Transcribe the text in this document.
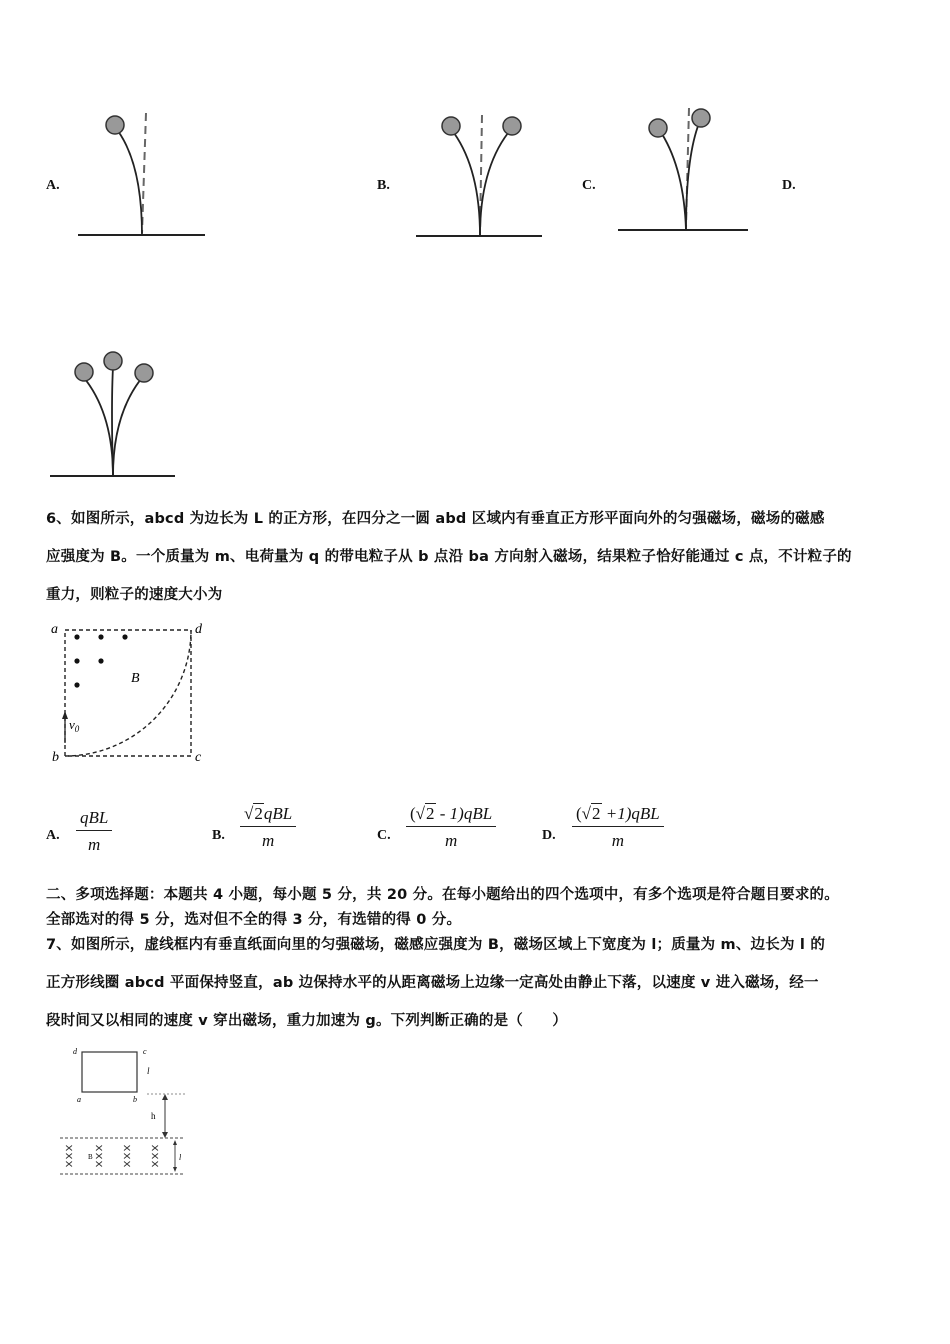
A.	B.	C.	D.
6、如图所示，abcd 为边长为 L 的正方形，在四分之一圆 abd 区域内有垂直正方形平面向外的匀强磁场，磁场的磁感
应强度为 B。一个质量为 m、电荷量为 q 的带电粒子从 b 点沿 ba 方向射入磁场，结果粒子恰好能通过 c 点，不计粒子的
重力，则粒子的速度大小为
a	d
b	c
B
$v_0$
A.
qBL
m	B.
√2qBL
m	C.
(√2 - 1)qBL
m	D.
(√2 +1)qBL
m
二、多项选择题：本题共 4 小题，每小题 5 分，共 20 分。在每小题给出的四个选项中，有多个选项是符合题目要求的。
全部选对的得 5 分，选对但不全的得 3 分，有选错的得 0 分。
7、如图所示，虚线框内有垂直纸面向里的匀强磁场，磁感应强度为 B，磁场区域上下宽度为 l；质量为 m、边长为 l 的
正方形线圈 abcd 平面保持竖直，ab 边保持水平的从距离磁场上边缘一定高处由静止下落，以速度 v 进入磁场，经一
段时间又以相同的速度 v 穿出磁场，重力加速为 g。下列判断正确的是（　　）
d	c
a	b
l
h
B	l
